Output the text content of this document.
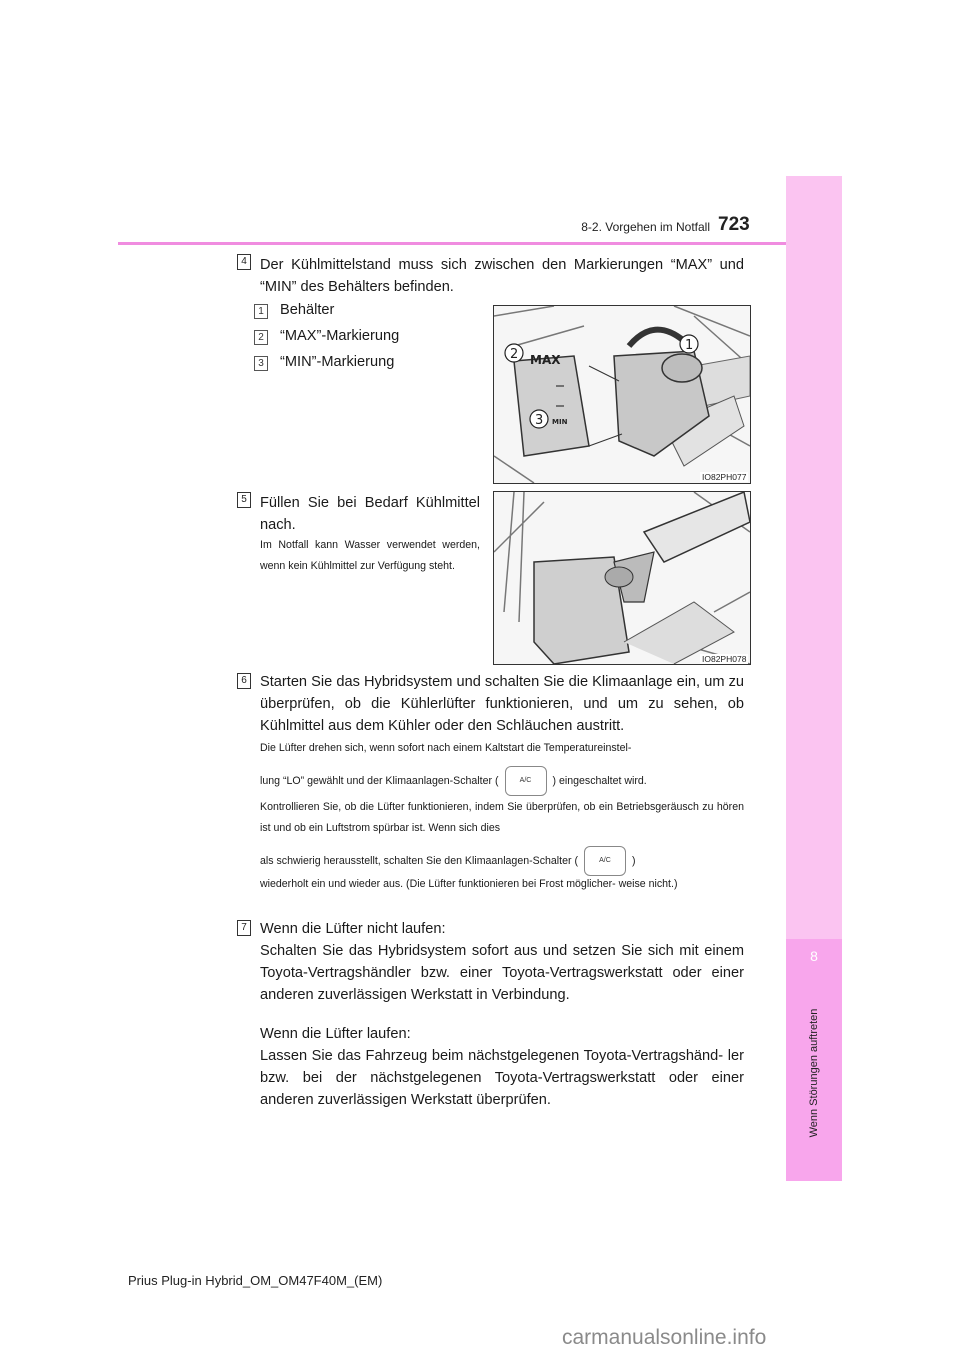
8-2. Vorgehen im Notfall 723
8
Wenn Störungen auftreten
4 Der Kühlmittelstand muss sich zwischen den Markierungen “MAX” und “MIN” des Behälters befinden.
1 Behälter
2 “MAX”-Markierung
3 “MIN”-Markierung	MAX
MIN
2
3
1
IO82PH077
5 Füllen Sie bei Bedarf Kühlmittel nach.
Im Notfall kann Wasser verwendet werden, wenn kein Kühlmittel zur Verfügung steht.
IO82PH078
6 Starten Sie das Hybridsystem und schalten Sie die Klimaanlage ein, um zu überprüfen, ob die Kühlerlüfter funktionieren, und um zu sehen, ob Kühlmittel aus dem Kühler oder den Schläuchen austritt.
Die Lüfter drehen sich, wenn sofort nach einem Kaltstart die Temperatureinstel-
lung “LO” gewählt und der Klimaanlagen-Schalter (	A/C ) eingeschaltet wird.
Kontrollieren Sie, ob die Lüfter funktionieren, indem Sie überprüfen, ob ein Betriebsgeräusch zu hören ist und ob ein Luftstrom spürbar ist. Wenn sich dies
als schwierig herausstellt, schalten Sie den Klimaanlagen-Schalter (	A/C )
wiederholt ein und wieder aus. (Die Lüfter funktionieren bei Frost möglicher- weise nicht.)
7 Wenn die Lüfter nicht laufen:
Schalten Sie das Hybridsystem sofort aus und setzen Sie sich mit einem Toyota-Vertragshändler bzw. einer Toyota-Vertragswerkstatt oder einer anderen zuverlässigen Werkstatt in Verbindung.
Wenn die Lüfter laufen:
Lassen Sie das Fahrzeug beim nächstgelegenen Toyota-Vertragshänd- ler bzw. bei der nächstgelegenen Toyota-Vertragswerkstatt oder einer anderen zuverlässigen Werkstatt überprüfen.
Prius Plug-in Hybrid_OM_OM47F40M_(EM)
carmanualsonline.info
